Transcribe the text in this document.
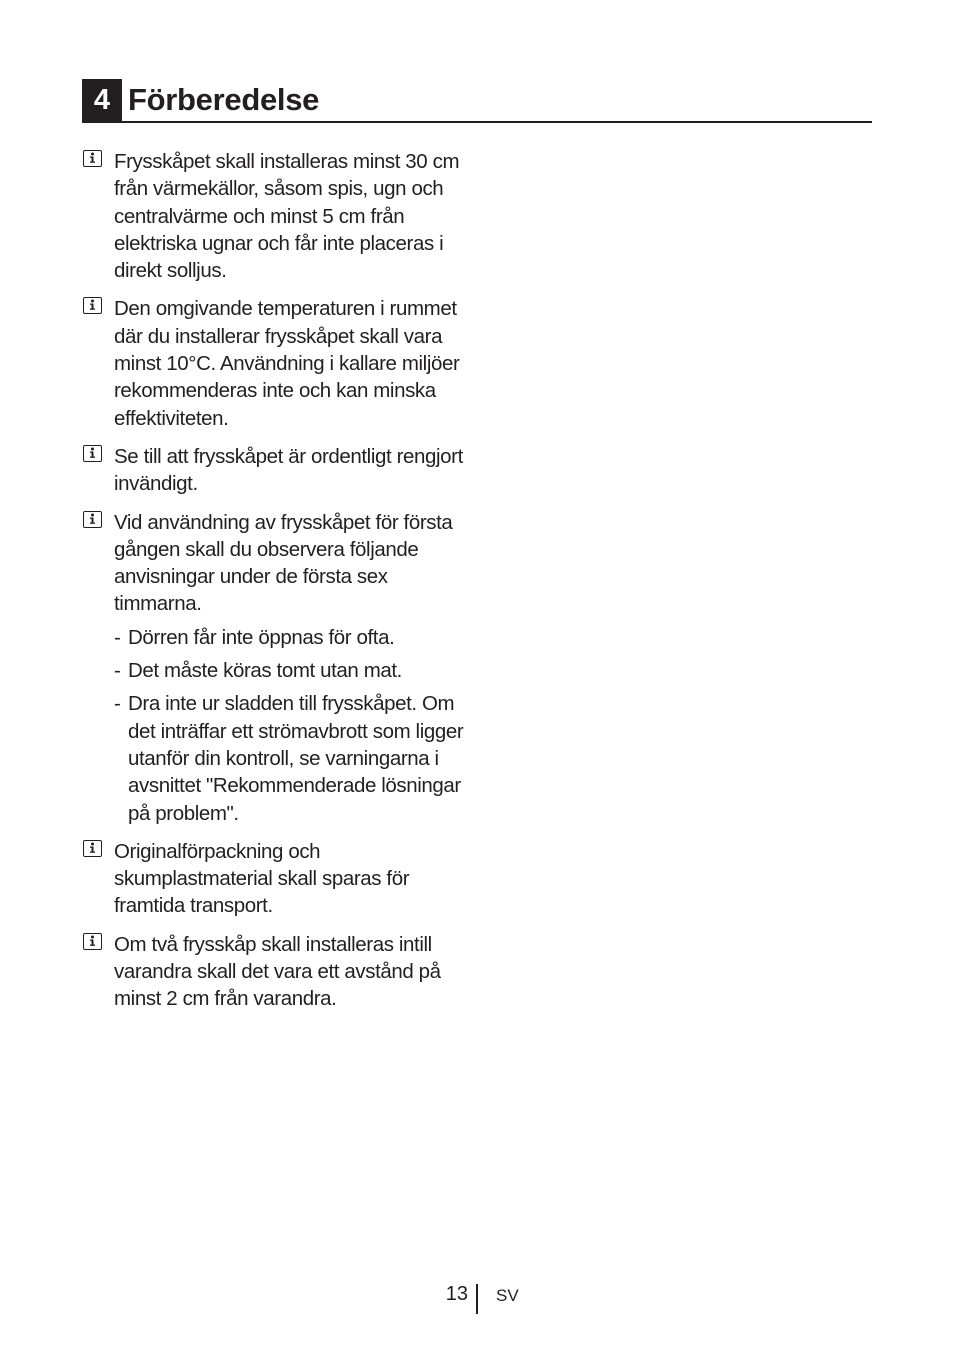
4 Förberedelse
Frysskåpet skall installeras minst 30 cm från värmekällor, såsom spis, ugn och centralvärme och minst 5 cm från elektriska ugnar och får inte placeras i direkt solljus.
Den omgivande temperaturen i rummet där du installerar frysskåpet skall vara minst 10°C. Användning i kallare miljöer rekommenderas inte och kan minska effektiviteten.
Se till att frysskåpet är ordentligt rengjort invändigt.
Vid användning av frysskåpet för första gången skall du observera följande anvisningar under de första sex timmarna.
- Dörren får inte öppnas för ofta.
- Det måste köras tomt utan mat.
- Dra inte ur sladden till frysskåpet. Om det inträffar ett strömavbrott som ligger utanför din kontroll, se varningarna i avsnittet "Rekommenderade lösningar på problem".
Originalförpackning och skumplastmaterial skall sparas för framtida transport.
Om två frysskåp skall installeras intill varandra skall det vara ett avstånd på minst 2 cm från varandra.
13 SV
